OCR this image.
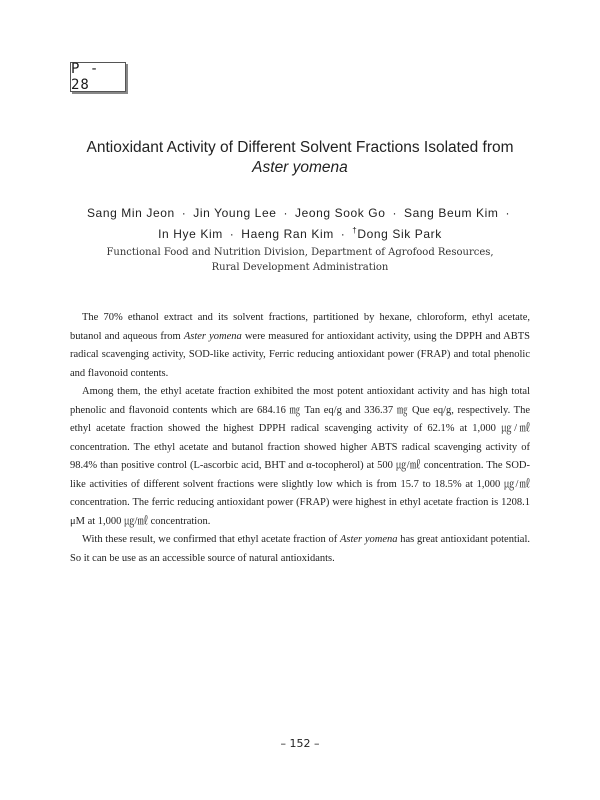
P - 28
Antioxidant Activity of Different Solvent Fractions Isolated from
Aster yomena
Sang Min Jeon · Jin Young Lee · Jeong Sook Go · Sang Beum Kim ·
In Hye Kim · Haeng Ran Kim · †Dong Sik Park
Functional Food and Nutrition Division, Department of Agrofood Resources,
Rural Development Administration

The 70% ethanol extract and its solvent fractions, partitioned by hexane, chloroform, ethyl acetate, butanol and aqueous from Aster yomena were measured for antioxidant activity, using the DPPH and ABTS radical scavenging activity, SOD-like activity, Ferric reducing antioxidant power (FRAP) and total phenolic and flavonoid contents.

Among them, the ethyl acetate fraction exhibited the most potent antioxidant activity and has high total phenolic and flavonoid contents which are 684.16 ㎎ Tan eq/g and 336.37 ㎎ Que eq/g, respectively. The ethyl acetate fraction showed the highest DPPH radical scavenging activity of 62.1% at 1,000 ㎍/㎖ concentration. The ethyl acetate and butanol fraction showed higher ABTS radical scavenging activity of 98.4% than positive control (L-ascorbic acid, BHT and α-tocopherol) at 500 ㎍/㎖ concentration. The SOD-like activities of different solvent fractions were slightly low which is from 15.7 to 18.5% at 1,000 ㎍/㎖ concentration. The ferric reducing antioxidant power (FRAP) were highest in ethyl acetate fraction is 1208.1 μM at 1,000 ㎍/㎖ concentration.

With these result, we confirmed that ethyl acetate fraction of Aster yomena has great antioxidant potential. So it can be use as an accessible source of natural antioxidants.

– 152 –
